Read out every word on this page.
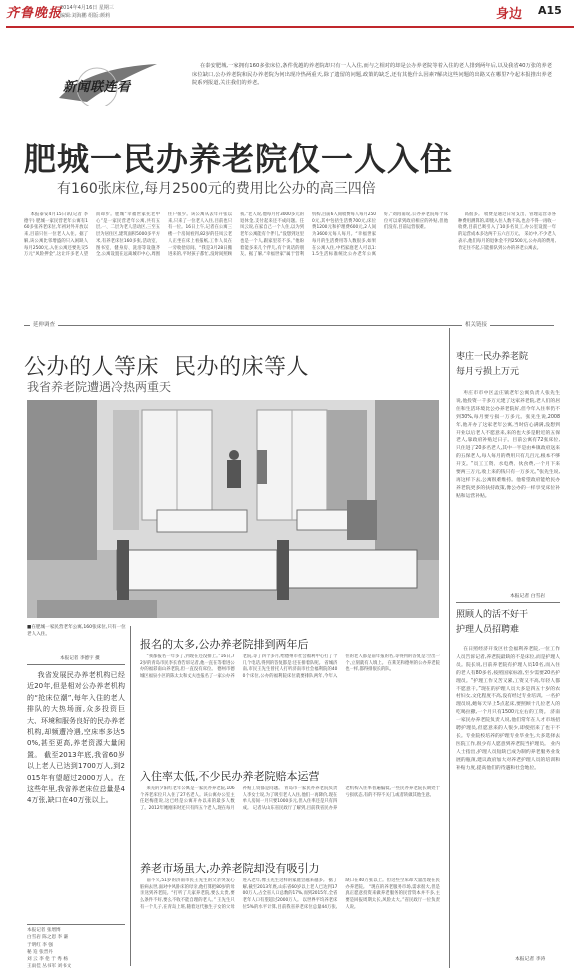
齐鲁晚报
2014年4月16日 星期三
编辑:刘海鹏 组版:颜莉	身边 A15
新闻联连看

在泰安肥城,一家拥有160多张床位,条件优越的养老院却只有一人入住,而与之相对的却是公办养老院等着入住的老人排到两年后,以及我省40万张的养老床位缺口,公办养老院和民办养老院为何出现冷热两重天,除了遗留的问题,政策的缺乏,还有其他什么因素?解决这些问题的出路又在哪里?今起本报推出养老院系列报道,关注我们的养老。

肥城一民办养老院仅一人入住
有160张床位,每月2500元的费用比公办的高三四倍

本报泰安4月15日讯(记者 李德宇) 肥城一家民营老年公寓有160多张养老床位,年初对外开放以来,目前只住一位老人入住。据了解,该公寓比邻增盛的只入闲缺人每月2500元,入住公寓还要先交5万元“风险押金”,这让许多老人望而却步。肥城“幸福世家托老中心”是一家民营老年公寓,共有五层,一、二层为老人活动区,三至五层为居住区,建筑面积5000多平方米,有养老床位160多张,活动室、图书室、健身房、洗浴等设施齐全,公寓设置在远离城市中心,周围住户很少。该公寓从去年开张以来,只来了一位老人入住,目前也只有一位。16日上午,记者在公寓三楼一个房间看到,82岁的任凤云老人正坐在床上看报纸,工作人员在一旁收拾房间。“我是3月28日搬进来的,平时孩子都忙,没时间照顾我,”老人说,他每月付3000多元的退休金,支付起来还不成问题。任凤云说,在家自己一个人住,以为到老年公寓能有个伴儿,“没想到这里也是一个人,跟家里差不多。”他盼着能多来几个伴儿,有个说话的朋友。据了解,“幸福世家”属于营利机构,目前6人间收费每人每月2500元,其中包括生活费700元,床位费1200元和护理费600元,2人间为3600元每人每月。“幸福世家每月的生活费用等人数很多,如果在公寓入住,中档家庭老人可以1:1.5生活标准统比公办老年公寓好,”刘再南说,公办养老院每个床位可以拿到政府相应的补贴,但他们没有,目前运营很难。

高很多。 收费是通过日常支出、管理运营等各种费用测算的,即使入住人数不高,也舍不得一再收一收费,目前已吸引入了10多名员工,办公室设置一年的运营成本多达两千五六百万元。 采访中,不少老人表示,他们每月的退休金不到2500元,公办高的费用,肯定住不起,只能排队到公办的养老公寓去。

延伸调查	相关链接
公办的人等床  民办的床等人
我省养老院遭遇冷热两重天
■在肥城一家民营老年公寓,160张床位,只有一位老人入住。
本报记者 李德宇 摄

我省发展民办养老机构已经近20年,但是相对公办养老机构的“抢床位潮”,每年入住的老人排队的大热场面,众多投资巨大、环境和服务良好的民办养老机构,却频遭冷遇,空床率多达50%,甚至更高,养老资源大量闲置。 截至2013年底,我省60岁以上老人已达到1700万人,到2015年有望超过2000万人。在这些年里,我省养老床位总量是44万张,缺口在40万张以上。

本报记者 张增博
白雪岩 陈之恩 李 谦
于明红 李 强
秘 迫 张晋丹
刘 云 李 伦 于 秀 杨
王雨佳 丛书军 刘书文
报名的太多,公办养老院排到两年后

“我都报名一年多了,到现在还没排上。”16日,72岁的青岛市民李长春告诉记者,他一直在等着进公办的福彩南山养老院,但一直没有床位。 德州市德城区福泉小区的陈太太和丈夫也报名了一家公办养老院,等了四个多月,给德州市社会福利中心打了个几个电话,得到的答复都是:还在排着队呢。 省城济南,市民王先生曾托人打听济南市社会福利院的400个床位,公办的福利院床位就要排队两年,今年入住的老人都是前年报的名,等得到的答复是:空出一个,立刻就有人填上。 在莱芜和德州的公办养老院也一样,都得排很长的队。

入住率太低,不少民办养老院赔本运营

莱芜的夕阳红老年公寓是一家民办养老院,106个养老床位只入住了27名老人。该公寓办公室主任赵梅莲说,这已经是公寓开办以来的最多人数了。2012年她刚来时还只有四五个老人,现在每月补贴工资都是问题。 青岛市一家民办养老院负责人李女士说,为了吸引老人入住,他们一再降价,现在单人房间一月只要1000多元,但入住率还是只有四成。 记者从山东省民政厅了解到,目前我省民办养老机构入住率普遍偏低,一些民办养老院长期处于亏损状态,有的不得不关门,或者转做其他生意。

养老市场虽大,办养老院却没有吸引力

前不久,51岁的济南市民王先生的父亲突发心脏病去世,面对中风卧床的母亲,他打算把80岁的母亲送到养老院。“打听了几家养老院,要么太贵,要么条件不好,要么不收不能自理的老人。” 王先生只有一个儿子,在青岛上班,随着这代独生子女的父母进入老年,像王先生这样的家庭会越来越多。 据了解,截至2013年底,山东省60岁以上老人已达到1700万人,占全省人口总数的17%,而到2015年,全省老年人口有望超过2000万人。 以世界平均养老床位5%的水平计算,目前我省养老床位总量44万张,缺口在40万张以上。但这些空床却大量出现在民办养老院。 “现在的养老服务市场,需求很大,但是真正愿意投资来做养老服务的民营资本并不多,主要是回报周期太长,风险太大。”省民政厅一位负责人说。

枣庄一民办养老院
每月亏损上万元

枣庄市市中区孟庄镇老年公寓负责人张先生说,他投资一千多万元建了这家养老院,老人们的居住和生活环境比公办养老院好,但今年入住率仍不到30%,每月要亏损一万多元。张先生说,2008年,他开办了这家老年公寓,当时信心满满,没想到开业以后老人不愿意来,来的也大多是附近的五保老人,靠政府补贴过日子。目前公寓有72张床位,只住进了20多名老人,其中一半是由乡镇政府送来的五保老人,每人每月的费用只有几百元,根本不够开支。“员工工资、水电费、伙食费,一个月下来要两三万元,收上来的钱只有一万多元。”张先生说,再这样下去,公寓很难维持。他希望政府能给民办养老院更多的扶持政策,像公办的一样享受床位补贴和运营补贴。

本报记者 白雪岩
照顾人的活不好干
护理人员招聘难

在日照经济开发区社会福利养老院,一位工作人员告诉记者,养老院最缺的不是床位,而是护理人员。院长说,目前养老院有护理人员10名,而入住的老人有80多名,按照国家标准,至少需要20名护理员。“护理工作又苦又累,工资又不高,年轻人都不愿意干。”现在的护理人员大多是四五十岁的农村妇女,文化程度不高,没有经过专业培训。一名护理员说,她每天早上5点起床,要照顾十几位老人的吃喝拉撒,一个月只有1500元左右的工资。 济南一家民办养老院负责人说,他们常年在人才市场招聘护理员,但愿意来的人很少,即使招来了也干不长。专业院校培养的护理专业毕业生,大多选择去医院工作,很少有人愿意到养老院当护理员。 业内人士指出,护理人员短缺已成为制约养老服务业发展的瓶颈,建议政府加大对养老护理人员的培训和补贴力度,提高他们的待遇和社会地位。

本报记者 李涛
